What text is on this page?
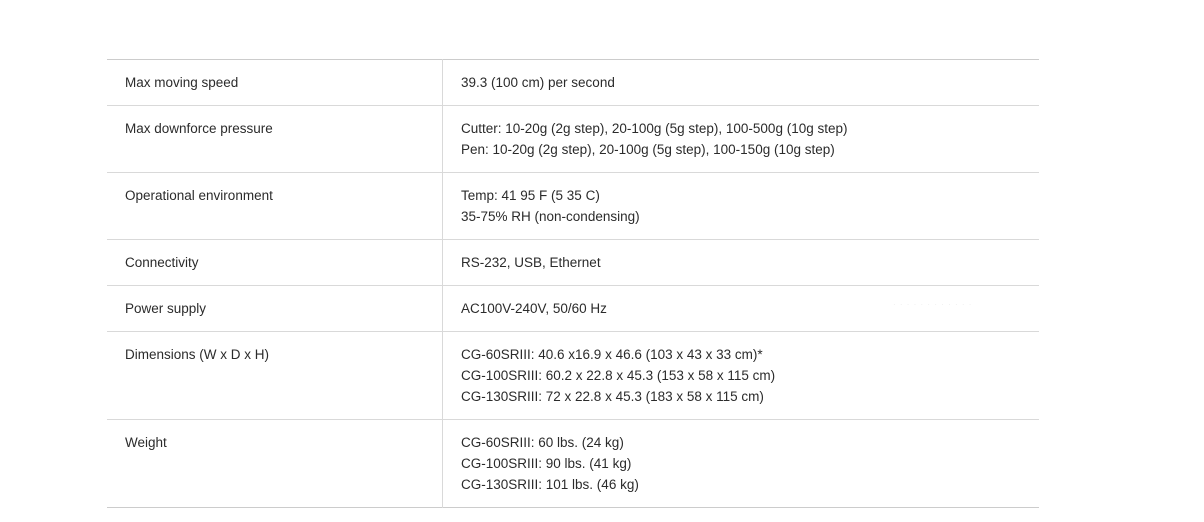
Max moving speed	39.3 (100 cm) per second

Max downforce pressure	Cutter: 10-20g (2g step), 20-100g (5g step), 100-500g (10g step)
Pen: 10-20g (2g step), 20-100g (5g step), 100-150g (10g step)

Operational environment	Temp: 41 95 F (5 35 C)
35-75% RH (non-condensing)

Connectivity	RS-232, USB, Ethernet

Power supply	AC100V-240V, 50/60 Hz

Dimensions (W x D x H)	CG-60SRIII: 40.6 x16.9 x 46.6 (103 x 43 x 33 cm)*
CG-100SRIII: 60.2 x 22.8 x 45.3 (153 x 58 x 115 cm)
CG-130SRIII: 72 x 22.8 x 45.3 (183 x 58 x 115 cm)

Weight	CG-60SRIII: 60 lbs. (24 kg)
CG-100SRIII: 90 lbs. (41 kg)
CG-130SRIII: 101 lbs. (46 kg)
· · · · · · · · · · · ·
